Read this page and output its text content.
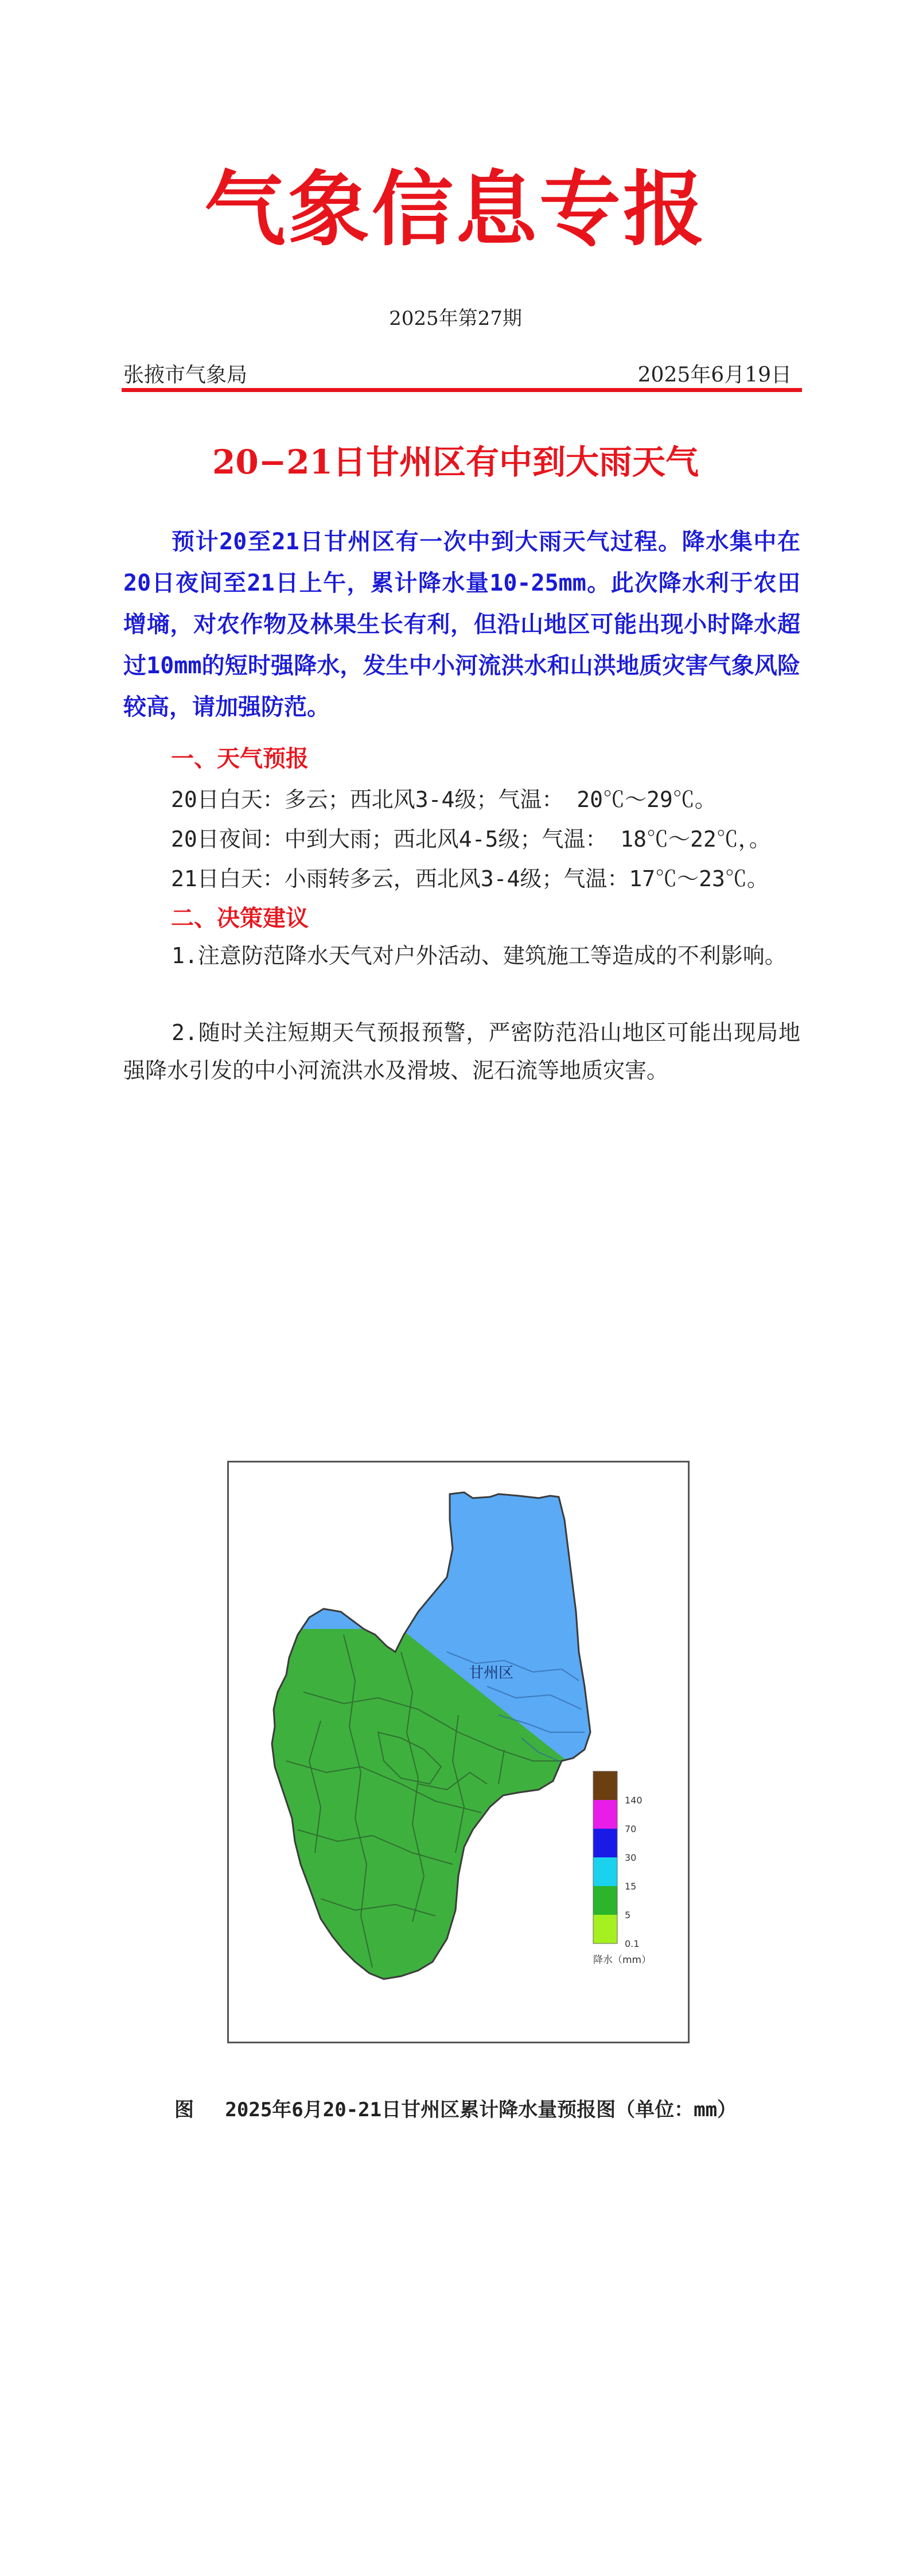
气象信息专报
2025年第27期
张掖市气象局	2025年6月19日
20−21日甘州区有中到大雨天气
预计20至21日甘州区有一次中到大雨天气过程。降水集中在20日夜间至21日上午，累计降水量10-25mm。此次降水利于农田增墒，对农作物及林果生长有利，但沿山地区可能出现小时降水超过10mm的短时强降水，发生中小河流洪水和山洪地质灾害气象风险较高，请加强防范。
一、天气预报
20日白天：多云；西北风3-4级；气温： 20℃～29℃。
20日夜间：中到大雨；西北风4-5级；气温： 18℃～22℃，。
21日白天：小雨转多云，西北风3-4级；气温：17℃～23℃。
二、决策建议
1.注意防范降水天气对户外活动、建筑施工等造成的不利影响。
2.随时关注短期天气预报预警，严密防范沿山地区可能出现局地强降水引发的中小河流洪水及滑坡、泥石流等地质灾害。
甘州区
140
70
30
15
5
0.1
降水（mm）
图　 2025年6月20-21日甘州区累计降水量预报图（单位：mm）
